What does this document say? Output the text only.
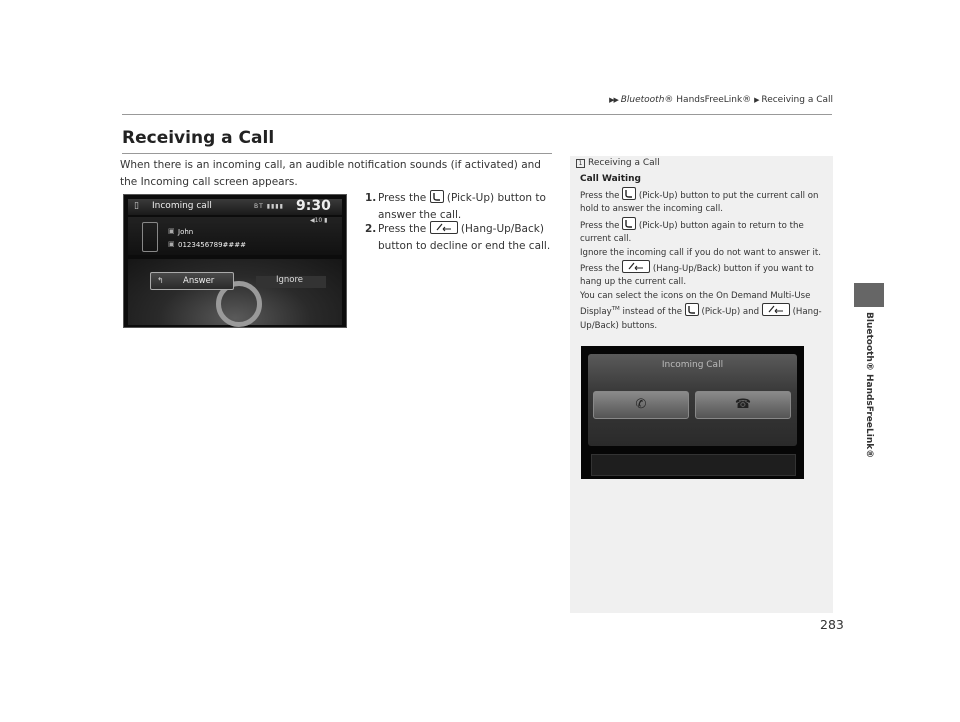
▶▶ Bluetooth® HandsFreeLink® ▶ Receiving a Call
Bluetooth® HandsFreeLink®
Receiving a Call
When there is an incoming call, an audible notification sounds (if activated) and the Incoming call screen appears.
1. Press the (Pick-Up) button to answer the call.
2. Press the	(Hang-Up/Back) button to decline or end the call.
▯ Incoming call	BT ▮▮▮▮ 9:30
▣ John
▣ 0123456789####
◀10 ▮
↰ Answer	Ignore
1 Receiving a Call
Call Waiting
Press the (Pick-Up) button to put the current call on hold to answer the incoming call.
Press the (Pick-Up) button again to return to the current call.
Ignore the incoming call if you do not want to answer it.
Press the	(Hang-Up/Back) button if you want to hang up the current call.
You can select the icons on the On Demand Multi-Use Display™ instead of the (Pick-Up) and	(Hang-Up/Back) buttons.
Incoming Call
✆	☎
283
